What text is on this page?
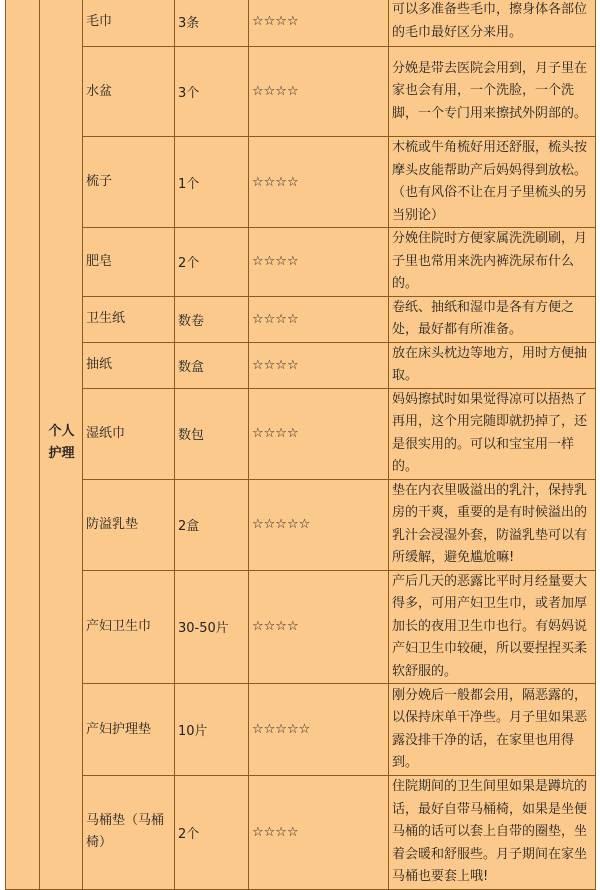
	个人护理	毛巾	3条	☆☆☆☆	可以多准备些毛巾，擦身体各部位的毛巾最好区分来用。
		水盆	3个	☆☆☆☆	分娩是带去医院会用到，月子里在家也会有用，一个洗脸，一个洗脚，一个专门用来擦拭外阴部的。
		梳子	1个	☆☆☆☆	木梳或牛角梳好用还舒服，梳头按摩头皮能帮助产后妈妈得到放松。（也有风俗不让在月子里梳头的另当别论）
		肥皂	2个	☆☆☆☆	分娩住院时方便家属洗洗刷刷，月子里也常用来洗内裤洗尿布什么的。
		卫生纸	数卷	☆☆☆☆	卷纸、抽纸和湿巾是各有方便之处，最好都有所准备。
		抽纸	数盒	☆☆☆☆	放在床头枕边等地方，用时方便抽取。
		湿纸巾	数包	☆☆☆☆	妈妈擦拭时如果觉得凉可以捂热了再用，这个用完随即就扔掉了，还是很实用的。可以和宝宝用一样的。
		防溢乳垫	2盒	☆☆☆☆☆	垫在内衣里吸溢出的乳汁，保持乳房的干爽，重要的是有时候溢出的乳汁会浸湿外套，防溢乳垫可以有所缓解，避免尴尬嘛!
		产妇卫生巾	30-50片	☆☆☆☆	产后几天的恶露比平时月经量要大得多，可用产妇卫生巾，或者加厚加长的夜用卫生巾也行。有妈妈说产妇卫生巾较硬，所以要捏捏买柔软舒服的。
		产妇护理垫	10片	☆☆☆☆☆	刚分娩后一般都会用，隔恶露的，以保持床单干净些。月子里如果恶露没排干净的话，在家里也用得到。
		马桶垫（马桶椅）	2个	☆☆☆☆	住院期间的卫生间里如果是蹲坑的话，最好自带马桶椅，如果是坐便马桶的话可以套上自带的圈垫，坐着会暖和舒服些。月子期间在家坐马桶也要套上哦!
